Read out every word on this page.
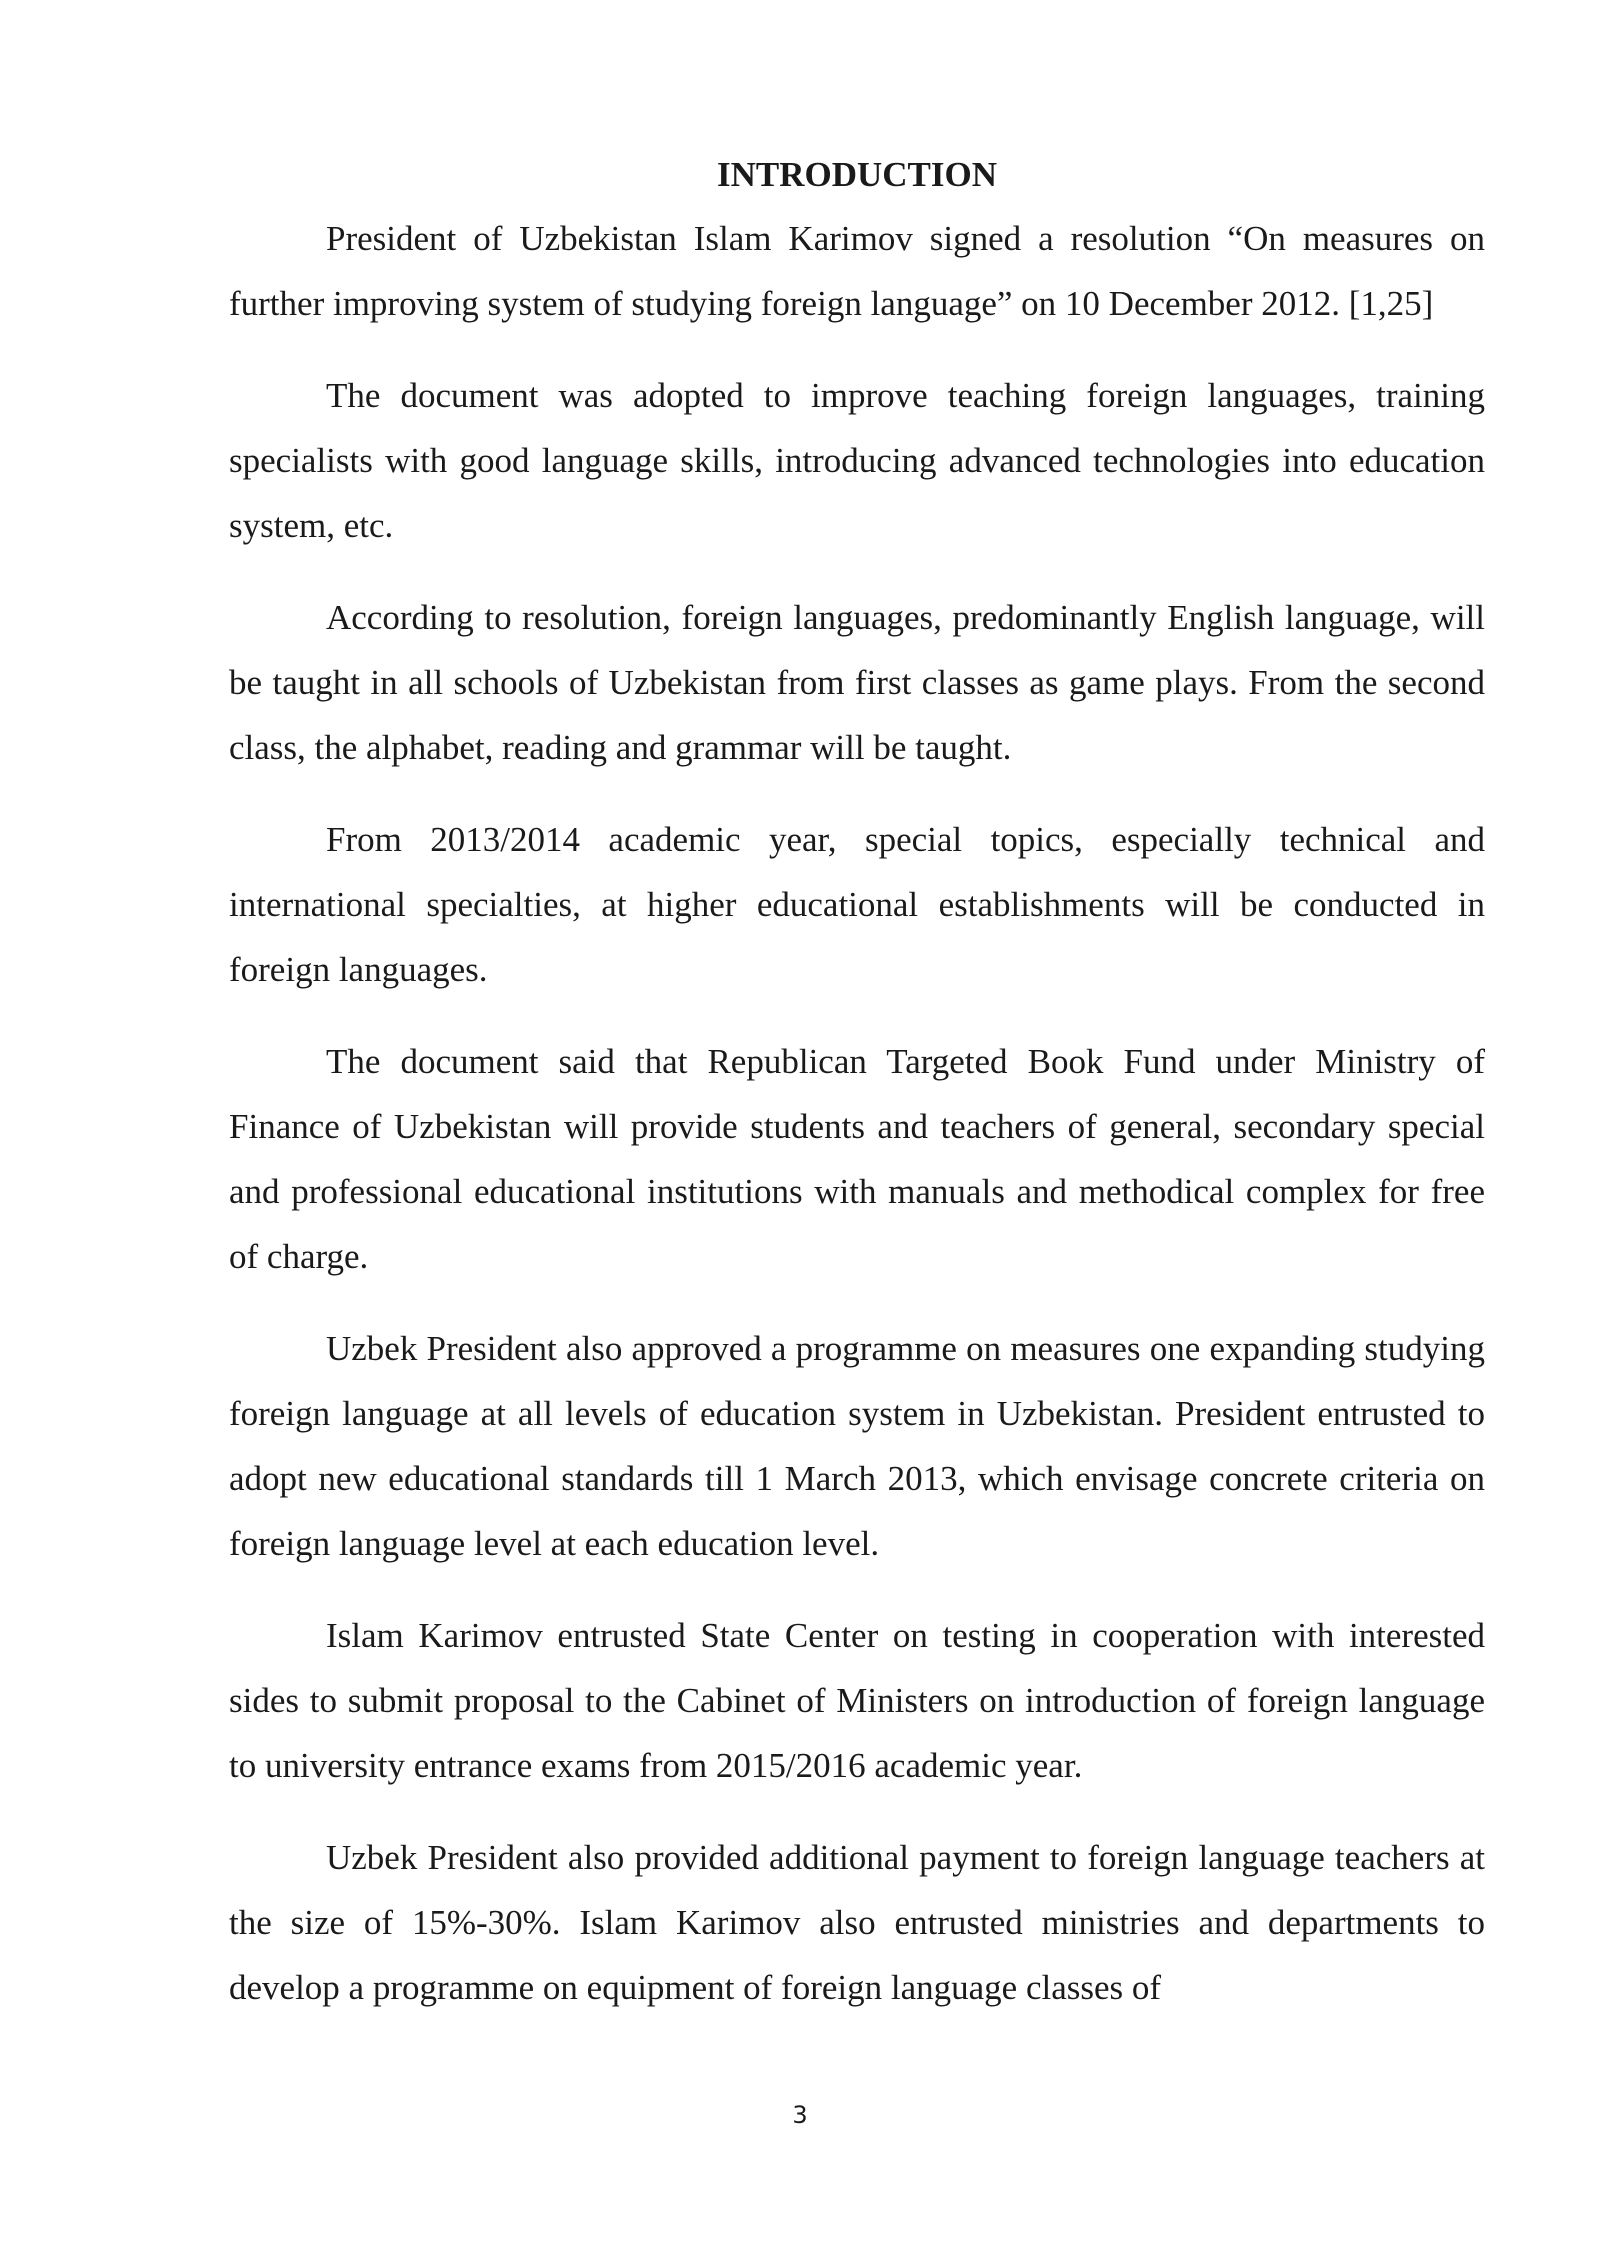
INTRODUCTION

President of Uzbekistan Islam Karimov signed a resolution “On measures on further improving system of studying foreign language” on 10 December 2012. [1,25]

The document was adopted to improve teaching foreign languages, training specialists with good language skills, introducing advanced technologies into education system, etc.

According to resolution, foreign languages, predominantly English language, will be taught in all schools of Uzbekistan from first classes as game plays. From the second class, the alphabet, reading and grammar will be taught.

From 2013/2014 academic year, special topics, especially technical and international specialties, at higher educational establishments will be conducted in foreign languages.

The document said that Republican Targeted Book Fund under Ministry of Finance of Uzbekistan will provide students and teachers of general, secondary special and professional educational institutions with manuals and methodical complex for free of charge.

Uzbek President also approved a programme on measures one expanding studying foreign language at all levels of education system in Uzbekistan. President entrusted to adopt new educational standards till 1 March 2013, which envisage concrete criteria on foreign language level at each education level.

Islam Karimov entrusted State Center on testing in cooperation with interested sides to submit proposal to the Cabinet of Ministers on introduction of foreign language to university entrance exams from 2015/2016 academic year.

Uzbek President also provided additional payment to foreign language teachers at the size of 15%-30%. Islam Karimov also entrusted ministries and departments to develop a programme on equipment of foreign language classes of

3
